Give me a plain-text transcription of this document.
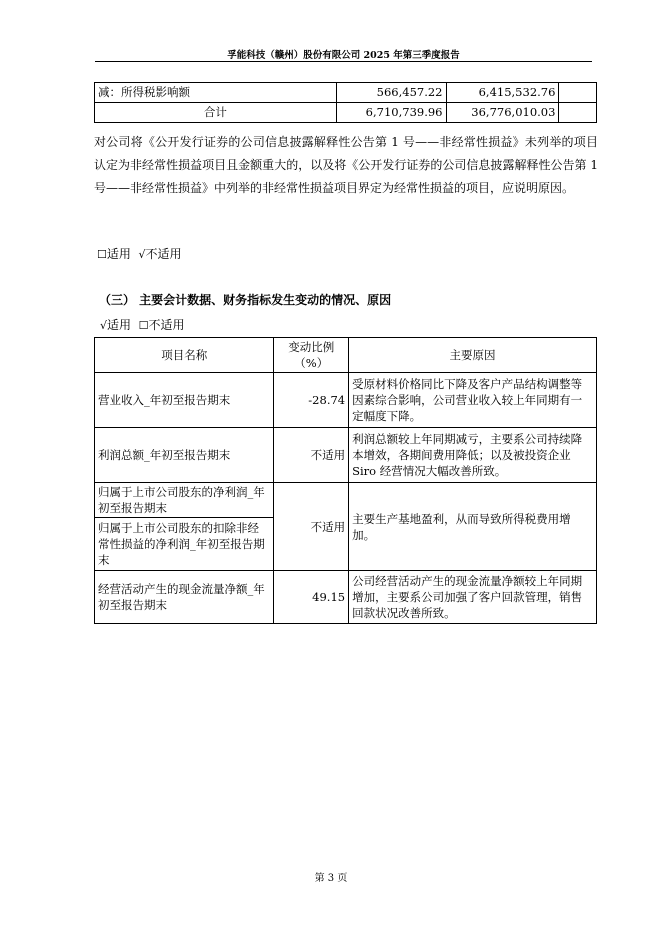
孚能科技（赣州）股份有限公司 2025 年第三季度报告
减：所得税影响额	566,457.22	6,415,532.76	
合计	6,710,739.96	36,776,010.03	
对公司将《公开发行证券的公司信息披露解释性公告第 1 号——非经常性损益》未列举的项目认定为非经常性损益项目且金额重大的，以及将《公开发行证券的公司信息披露解释性公告第 1 号——非经常性损益》中列举的非经常性损益项目界定为经常性损益的项目，应说明原因。
☐适用 √不适用
（三） 主要会计数据、财务指标发生变动的情况、原因
√适用 ☐不适用
项目名称	变动比例（%）	主要原因
营业收入_年初至报告期末	-28.74	受原材料价格同比下降及客户产品结构调整等因素综合影响，公司营业收入较上年同期有一定幅度下降。
利润总额_年初至报告期末	不适用	利润总额较上年同期减亏，主要系公司持续降本增效，各期间费用降低；以及被投资企业 Siro 经营情况大幅改善所致。
归属于上市公司股东的净利润_年初至报告期末	不适用	主要生产基地盈利，从而导致所得税费用增加。
归属于上市公司股东的扣除非经常性损益的净利润_年初至报告期末		
经营活动产生的现金流量净额_年初至报告期末	49.15	公司经营活动产生的现金流量净额较上年同期增加，主要系公司加强了客户回款管理，销售回款状况改善所致。
第 3 页
